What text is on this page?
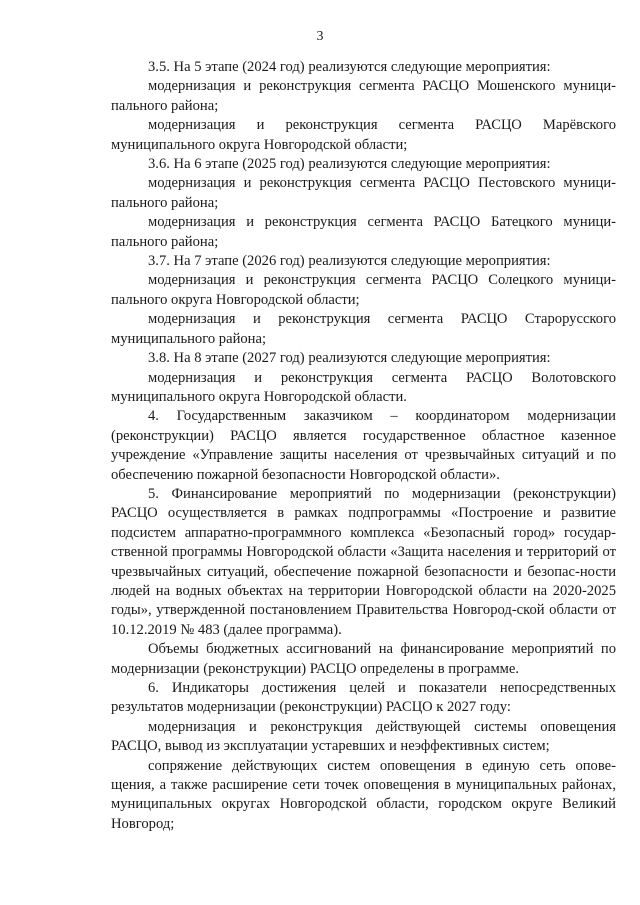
3

3.5. На 5 этапе (2024 год) реализуются следующие мероприятия:

модернизация и реконструкция сегмента РАСЦО Мошенского муници-пального района;

модернизация и реконструкция сегмента РАСЦО Марёвского муниципального округа Новгородской области;

3.6. На 6 этапе (2025 год) реализуются следующие мероприятия:

модернизация и реконструкция сегмента РАСЦО Пестовского муници-пального района;

модернизация и реконструкция сегмента РАСЦО Батецкого муници-пального района;

3.7. На 7 этапе (2026 год) реализуются следующие мероприятия:

модернизация и реконструкция сегмента РАСЦО Солецкого муници-пального округа Новгородской области;

модернизация и реконструкция сегмента РАСЦО Старорусского муниципального района;

3.8. На 8 этапе (2027 год) реализуются следующие мероприятия:

модернизация и реконструкция сегмента РАСЦО Волотовского муниципального округа Новгородской области.

4. Государственным заказчиком – координатором модернизации (реконструкции) РАСЦО является государственное областное казенное учреждение «Управление защиты населения от чрезвычайных ситуаций и по обеспечению пожарной безопасности Новгородской области».

5. Финансирование мероприятий по модернизации (реконструкции) РАСЦО осуществляется в рамках подпрограммы «Построение и развитие подсистем аппаратно-программного комплекса «Безопасный город» государ-ственной программы Новгородской области «Защита населения и территорий от чрезвычайных ситуаций, обеспечение пожарной безопасности и безопас-ности людей на водных объектах на территории Новгородской области на 2020-2025 годы», утвержденной постановлением Правительства Новгород-ской области от 10.12.2019 № 483 (далее программа).

Объемы бюджетных ассигнований на финансирование мероприятий по модернизации (реконструкции) РАСЦО определены в программе.

6. Индикаторы достижения целей и показатели непосредственных результатов модернизации (реконструкции) РАСЦО к 2027 году:

модернизация и реконструкция действующей системы оповещения РАСЦО, вывод из эксплуатации устаревших и неэффективных систем;

сопряжение действующих систем оповещения в единую сеть опове-щения, а также расширение сети точек оповещения в муниципальных районах, муниципальных округах Новгородской области, городском округе Великий Новгород;
